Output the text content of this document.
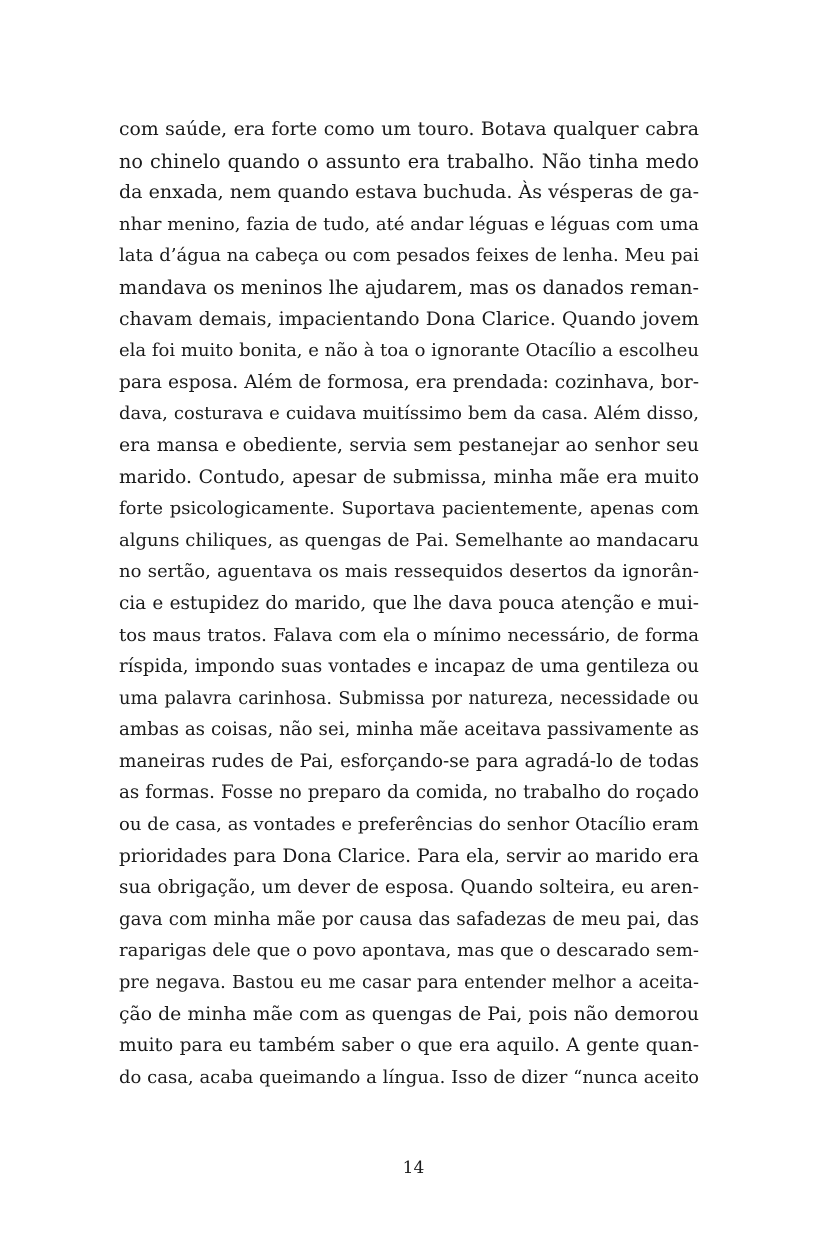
com saúde, era forte como um touro. Botava qualquer cabra
no chinelo quando o assunto era trabalho. Não tinha medo
da enxada, nem quando estava buchuda. Às vésperas de ga-
nhar menino, fazia de tudo, até andar léguas e léguas com uma
lata d’água na cabeça ou com pesados feixes de lenha. Meu pai
mandava os meninos lhe ajudarem, mas os danados reman-
chavam demais, impacientando Dona Clarice. Quando jovem
ela foi muito bonita, e não à toa o ignorante Otacílio a escolheu
para esposa. Além de formosa, era prendada: cozinhava, bor-
dava, costurava e cuidava muitíssimo bem da casa. Além disso,
era mansa e obediente, servia sem pestanejar ao senhor seu
marido. Contudo, apesar de submissa, minha mãe era muito
forte psicologicamente. Suportava pacientemente, apenas com
alguns chiliques, as quengas de Pai. Semelhante ao mandacaru
no sertão, aguentava os mais ressequidos desertos da ignorân-
cia e estupidez do marido, que lhe dava pouca atenção e mui-
tos maus tratos. Falava com ela o mínimo necessário, de forma
ríspida, impondo suas vontades e incapaz de uma gentileza ou
uma palavra carinhosa. Submissa por natureza, necessidade ou
ambas as coisas, não sei, minha mãe aceitava passivamente as
maneiras rudes de Pai, esforçando-se para agradá-lo de todas
as formas. Fosse no preparo da comida, no trabalho do roçado
ou de casa, as vontades e preferências do senhor Otacílio eram
prioridades para Dona Clarice. Para ela, servir ao marido era
sua obrigação, um dever de esposa. Quando solteira, eu aren-
gava com minha mãe por causa das safadezas de meu pai, das
raparigas dele que o povo apontava, mas que o descarado sem-
pre negava. Bastou eu me casar para entender melhor a aceita-
ção de minha mãe com as quengas de Pai, pois não demorou
muito para eu também saber o que era aquilo. A gente quan-
do casa, acaba queimando a língua. Isso de dizer “nunca aceito
14
